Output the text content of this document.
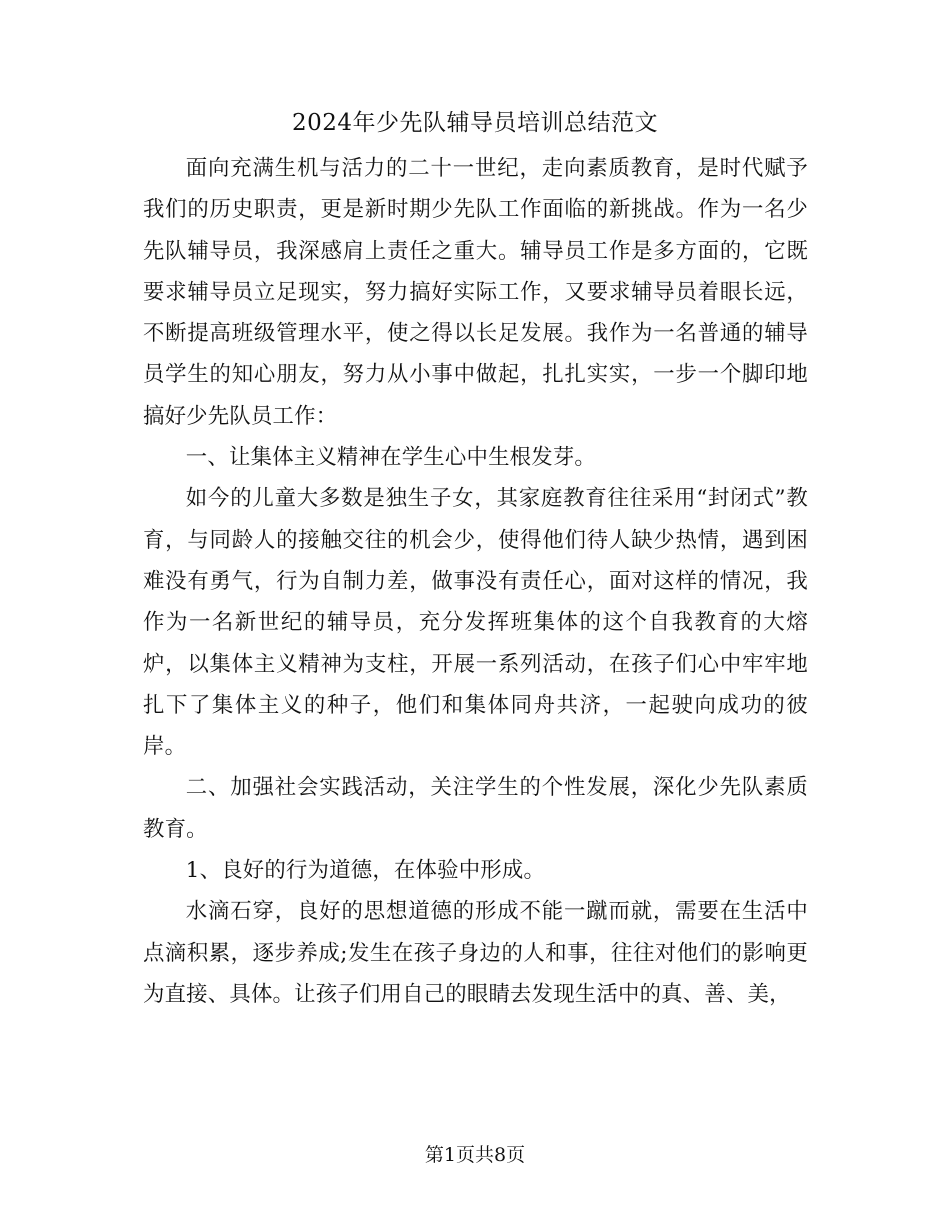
2024年少先队辅导员培训总结范文

面向充满生机与活力的二十一世纪，走向素质教育，是时代赋予我们的历史职责，更是新时期少先队工作面临的新挑战。作为一名少先队辅导员，我深感肩上责任之重大。辅导员工作是多方面的，它既要求辅导员立足现实，努力搞好实际工作，又要求辅导员着眼长远，不断提高班级管理水平，使之得以长足发展。我作为一名普通的辅导员学生的知心朋友，努力从小事中做起，扎扎实实，一步一个脚印地搞好少先队员工作：

一、让集体主义精神在学生心中生根发芽。

如今的儿童大多数是独生子女，其家庭教育往往采用“封闭式”教育，与同龄人的接触交往的机会少，使得他们待人缺少热情，遇到困难没有勇气，行为自制力差，做事没有责任心，面对这样的情况，我作为一名新世纪的辅导员，充分发挥班集体的这个自我教育的大熔炉，以集体主义精神为支柱，开展一系列活动，在孩子们心中牢牢地扎下了集体主义的种子，他们和集体同舟共济，一起驶向成功的彼岸。

二、加强社会实践活动，关注学生的个性发展，深化少先队素质教育。

1、良好的行为道德，在体验中形成。

水滴石穿，良好的思想道德的形成不能一蹴而就，需要在生活中点滴积累，逐步养成;发生在孩子身边的人和事，往往对他们的影响更为直接、具体。让孩子们用自己的眼睛去发现生活中的真、善、美，

第1页共8页
